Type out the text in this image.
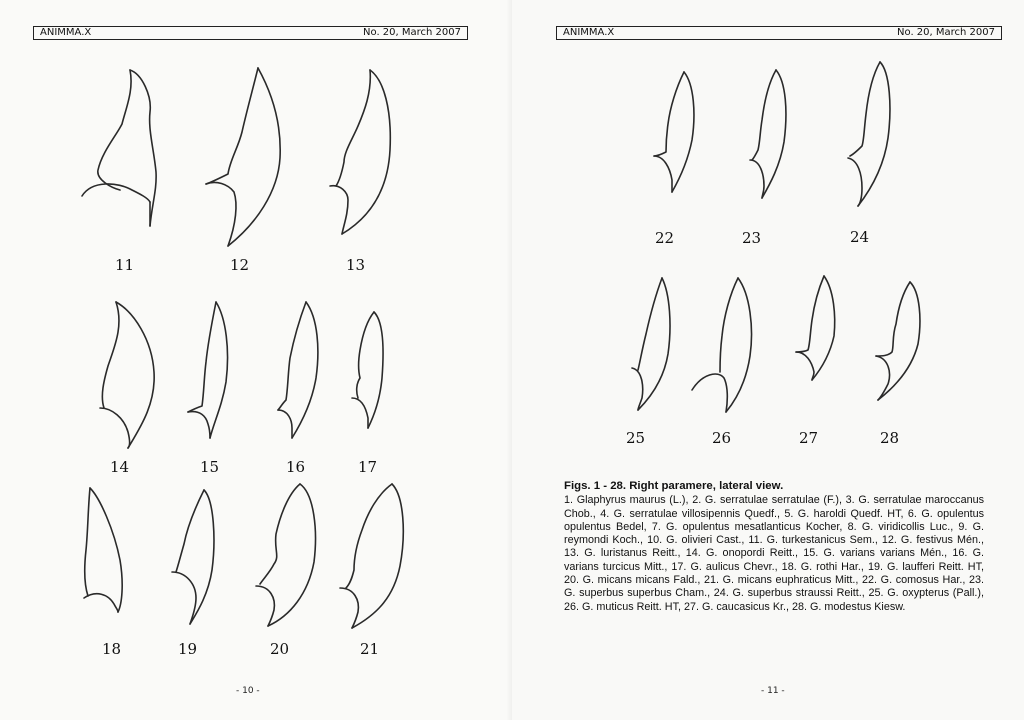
ANIMMA.X	No. 20, March 2007
11	12	13
14	15	16	17
18	19	20	21
- 10 -
ANIMMA.X	No. 20, March 2007
22	23	24
25	26	27	28
Figs. 1 - 28. Right paramere, lateral view.
1. Glaphyrus maurus (L.), 2. G. serratulae serratulae (F.), 3. G. serratulae maroccanus Chob., 4. G. serratulae villosipennis Quedf., 5. G. haroldi Quedf. HT, 6. G. opulentus opulentus Bedel, 7. G. opulentus mesatlanticus Kocher, 8. G. viridicollis Luc., 9. G. reymondi Koch., 10. G. olivieri Cast., 11. G. turkestanicus Sem., 12. G. festivus Mén., 13. G. luristanus Reitt., 14. G. onopordi Reitt., 15. G. varians varians Mén., 16. G. varians turcicus Mitt., 17. G. aulicus Chevr., 18. G. rothi Har., 19. G. laufferi Reitt. HT, 20. G. micans micans Fald., 21. G. micans euphraticus Mitt., 22. G. comosus Har., 23. G. superbus superbus Cham., 24. G. superbus straussi Reitt., 25. G. oxypterus (Pall.), 26. G. muticus Reitt. HT, 27. G. caucasicus Kr., 28. G. modestus Kiesw.
- 11 -
